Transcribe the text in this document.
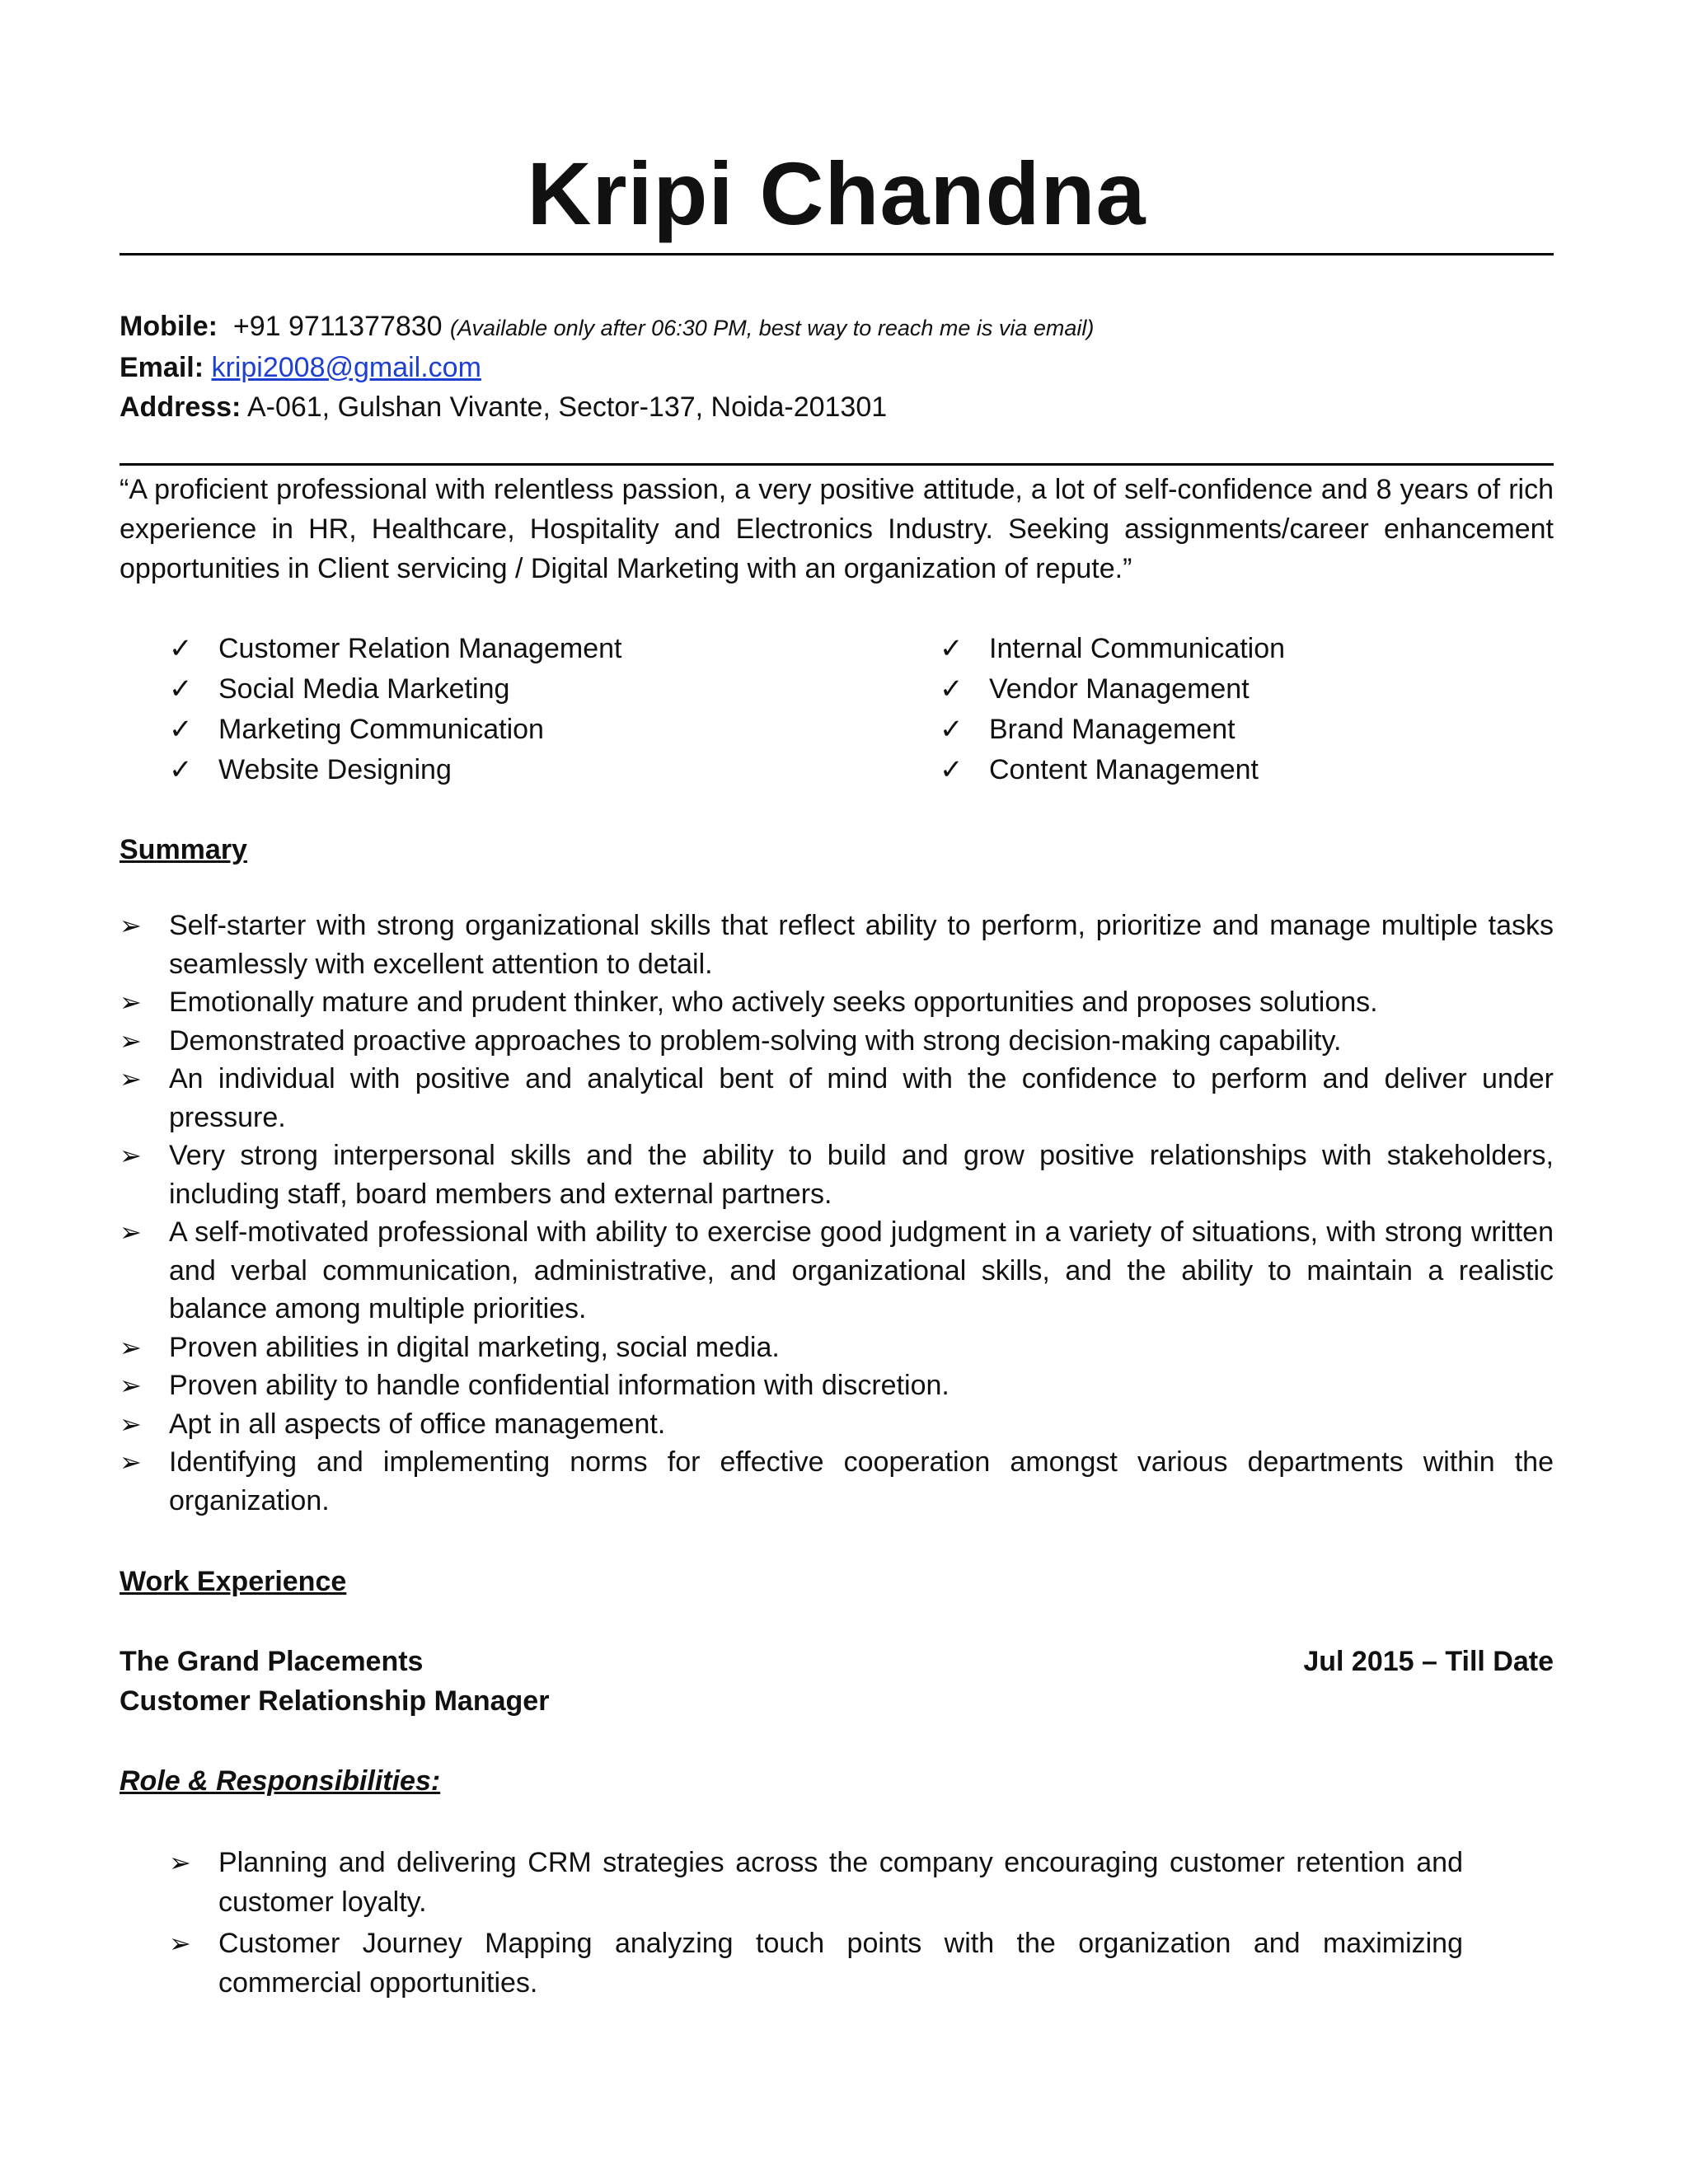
Kripi Chandna
Mobile: +91 9711377830 (Available only after 06:30 PM, best way to reach me is via email)
Email: kripi2008@gmail.com
Address: A-061, Gulshan Vivante, Sector-137, Noida-201301
“A proficient professional with relentless passion, a very positive attitude, a lot of self-confidence and 8 years of rich experience in HR, Healthcare, Hospitality and Electronics Industry. Seeking assignments/career enhancement opportunities in Client servicing / Digital Marketing with an organization of repute.”
✓ Customer Relation Management
✓ Social Media Marketing
✓ Marketing Communication
✓ Website Designing
✓ Internal Communication
✓ Vendor Management
✓ Brand Management
✓ Content Management
Summary
➢ Self-starter with strong organizational skills that reflect ability to perform, prioritize and manage multiple tasks seamlessly with excellent attention to detail.
➢ Emotionally mature and prudent thinker, who actively seeks opportunities and proposes solutions.
➢ Demonstrated proactive approaches to problem-solving with strong decision-making capability.
➢ An individual with positive and analytical bent of mind with the confidence to perform and deliver under pressure.
➢ Very strong interpersonal skills and the ability to build and grow positive relationships with stakeholders, including staff, board members and external partners.
➢ A self-motivated professional with ability to exercise good judgment in a variety of situations, with strong written and verbal communication, administrative, and organizational skills, and the ability to maintain a realistic balance among multiple priorities.
➢ Proven abilities in digital marketing, social media.
➢ Proven ability to handle confidential information with discretion.
➢ Apt in all aspects of office management.
➢ Identifying and implementing norms for effective cooperation amongst various departments within the organization.
Work Experience
The Grand Placements	Jul 2015 – Till Date
Customer Relationship Manager
Role & Responsibilities:
➢ Planning and delivering CRM strategies across the company encouraging customer retention and customer loyalty.
➢ Customer Journey Mapping analyzing touch points with the organization and maximizing commercial opportunities.
